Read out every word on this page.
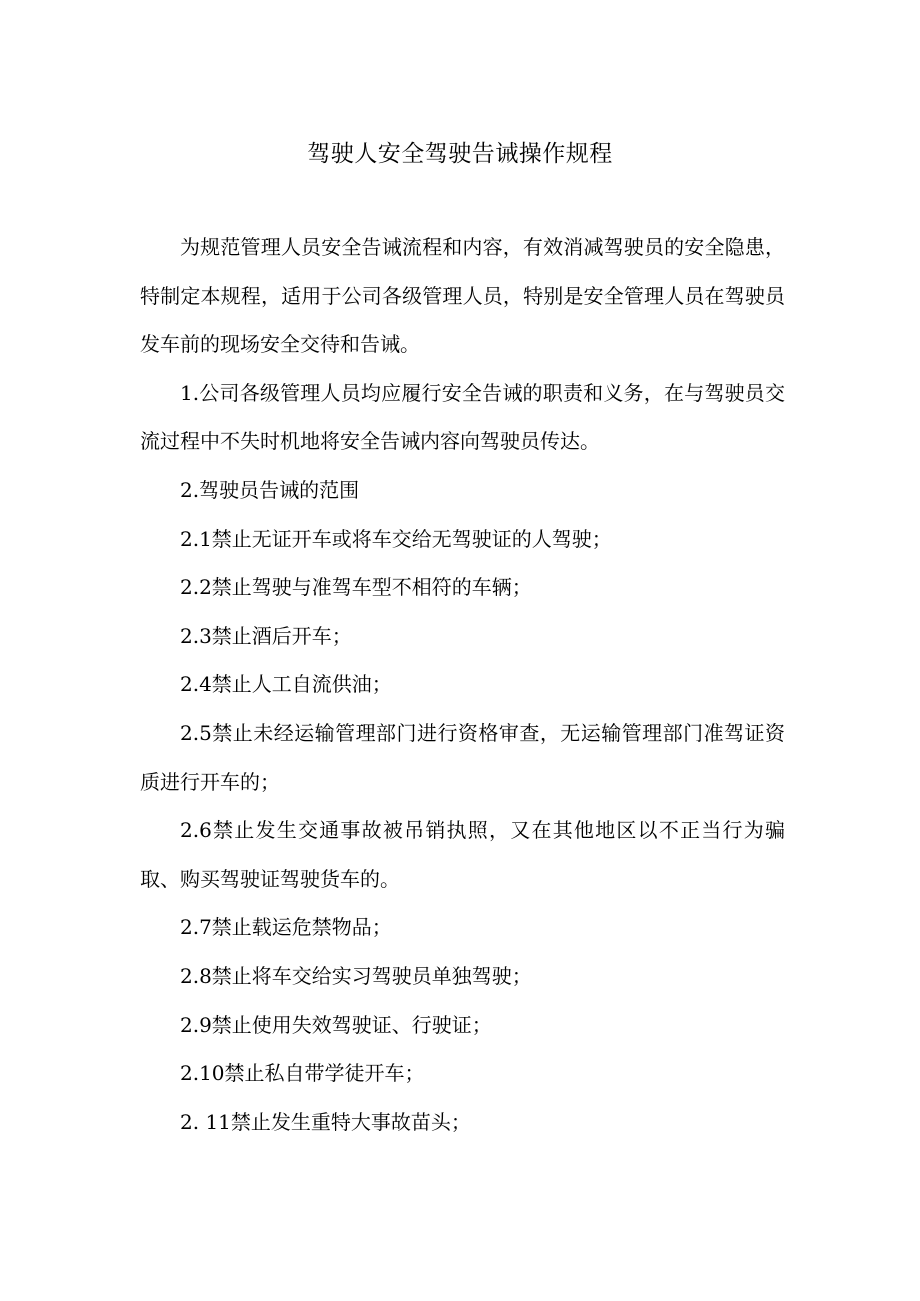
驾驶人安全驾驶告诫操作规程

为规范管理人员安全告诫流程和内容，有效消减驾驶员的安全隐患，特制定本规程，适用于公司各级管理人员，特别是安全管理人员在驾驶员发车前的现场安全交待和告诫。

1.公司各级管理人员均应履行安全告诫的职责和义务，在与驾驶员交流过程中不失时机地将安全告诫内容向驾驶员传达。

2.驾驶员告诫的范围

2.1禁止无证开车或将车交给无驾驶证的人驾驶；

2.2禁止驾驶与准驾车型不相符的车辆；

2.3禁止酒后开车；

2.4禁止人工自流供油；

2.5禁止未经运输管理部门进行资格审查，无运输管理部门准驾证资质进行开车的；

2.6禁止发生交通事故被吊销执照，又在其他地区以不正当行为骗取、购买驾驶证驾驶货车的。

2.7禁止载运危禁物品；

2.8禁止将车交给实习驾驶员单独驾驶；

2.9禁止使用失效驾驶证、行驶证；

2.10禁止私自带学徒开车；

2. 11禁止发生重特大事故苗头；
